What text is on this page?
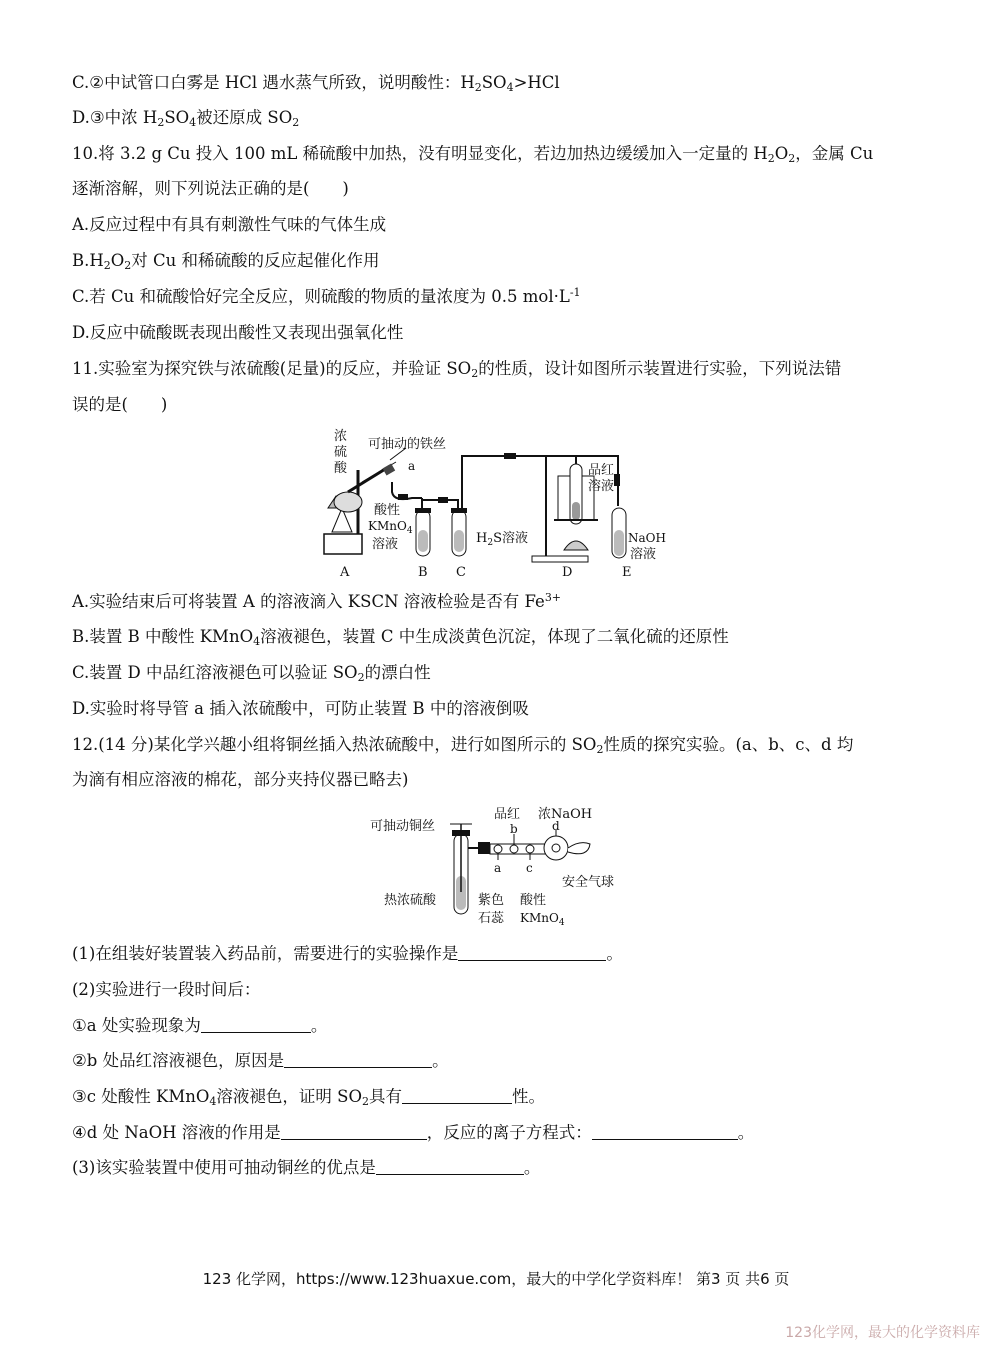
C.②中试管口白雾是 HCl 遇水蒸气所致，说明酸性：$H_2SO_4>HCl$
D.③中浓 $H_2SO_4$被还原成 $SO_2$
10.将 3.2 g Cu 投入 100 mL 稀硫酸中加热，没有明显变化，若边加热边缓缓加入一定量的 $H_2O_2$，金属 Cu
逐渐溶解，则下列说法正确的是(　　)
A.反应过程中有具有刺激性气味的气体生成
$B.H_2O_2$对 Cu 和稀硫酸的反应起催化作用
C.若 Cu 和硫酸恰好完全反应，则硫酸的物质的量浓度为 0.5 $mol\cdot L^{-1}$
D.反应中硫酸既表现出酸性又表现出强氧化性
11.实验室为探究铁与浓硫酸(足量)的反应，并验证 $SO_2$的性质，设计如图所示装置进行实验，下列说法错
误的是(　　)
浓
硫
酸
可抽动的铁丝
a
酸性
KMnO$_4$
溶液	$H_2S$溶液
品红
溶液
NaOH
溶液
A	B C	D	E
A.实验结束后可将装置 A 的溶液滴入 KSCN 溶液检验是否有 $Fe^{3+}$
B.装置 B 中酸性 KMnO$_4$溶液褪色，装置 C 中生成淡黄色沉淀，体现了二氧化硫的还原性
C.装置 D 中品红溶液褪色可以验证 $SO_2$的漂白性
D.实验时将导管 a 插入浓硫酸中，可防止装置 B 中的溶液倒吸
12.(14 分)某化学兴趣小组将铜丝插入热浓硫酸中，进行如图所示的 $SO_2$性质的探究实验。(a、b、c、d 均
为滴有相应溶液的棉花，部分夹持仪器已略去)
可抽动铜丝
品红 浓NaOH
b	d
a c
安全气球
热浓硫酸	紫色
石蕊
酸性
KMnO$_4$
(1)在组装好装置装入药品前，需要进行的实验操作是	。
(2)实验进行一段时间后：
①a 处实验现象为	。
②b 处品红溶液褪色，原因是	。
③c 处酸性 KMnO$_4$溶液褪色，证明 $SO_2$具有	性。
④d 处 NaOH 溶液的作用是	，反应的离子方程式：	。
(3)该实验装置中使用可抽动铜丝的优点是	。
123 化学网，https://www.123huaxue.com，最大的中学化学资料库！ 第3 页 共6 页
123化学网，最大的化学资料库
